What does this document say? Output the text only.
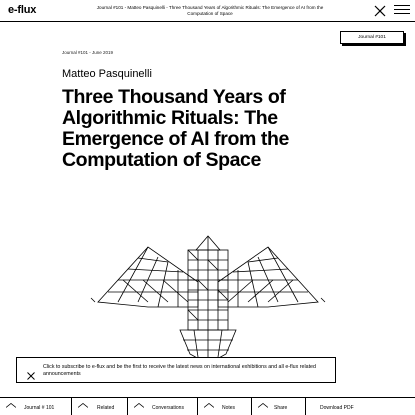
e-flux	Journal #101 - Matteo Pasquinelli - Three Thousand Years of Algorithmic Rituals: The Emergence of AI from the Computation of Space
Journal #101
Journal #101 - June 2019
Matteo Pasquinelli
Three Thousand Years of Algorithmic Rituals: The Emergence of AI from the Computation of Space
Click to subscribe to e-flux and be the first to receive the latest news on international exhibitions and all e-flux related announcements
Journal # 101	Related	Conversations	Notes	Share	Download PDF
